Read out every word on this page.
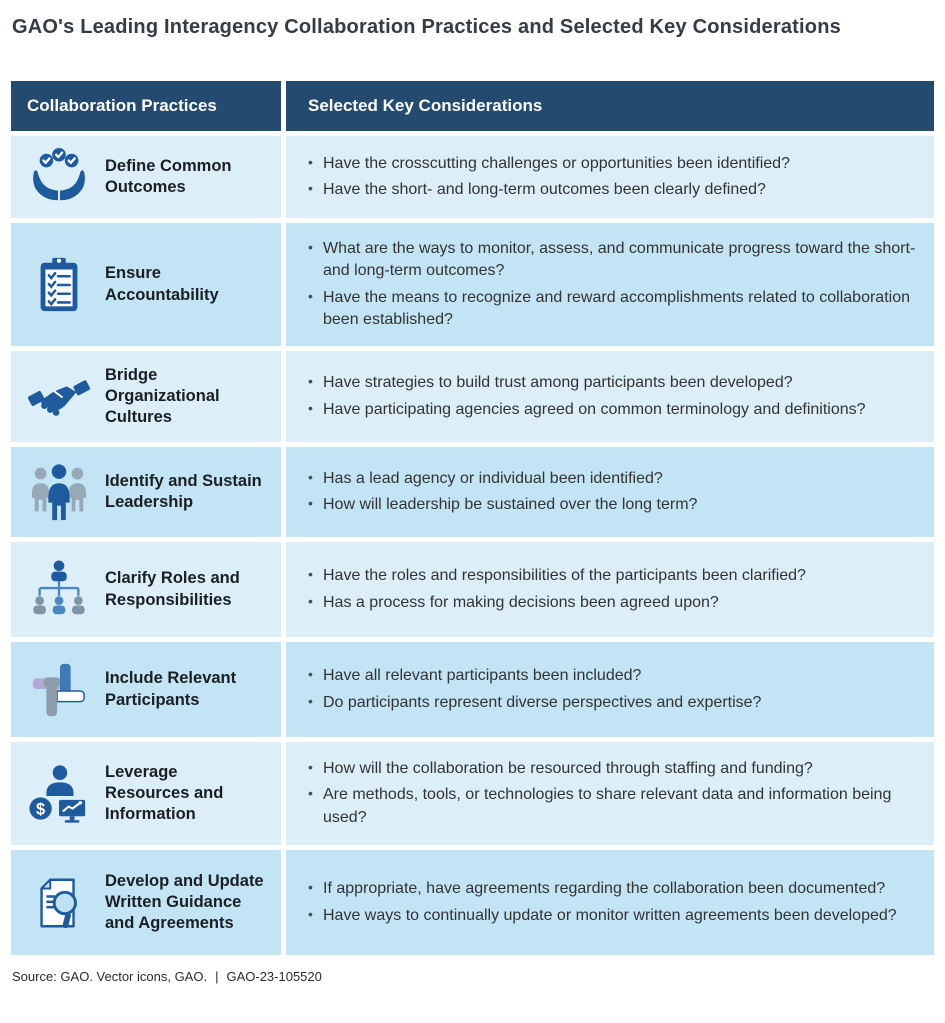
GAO's Leading Interagency Collaboration Practices and Selected Key Considerations
Collaboration Practices	Selected Key Considerations
Define Common Outcomes
• Have the crosscutting challenges or opportunities been identified?
• Have the short- and long-term outcomes been clearly defined?
Ensure Accountability
• What are the ways to monitor, assess, and communicate progress toward the short- and long-term outcomes?
• Have the means to recognize and reward accomplishments related to collaboration been established?
Bridge Organizational Cultures
• Have strategies to build trust among participants been developed?
• Have participating agencies agreed on common terminology and definitions?
Identify and Sustain Leadership
• Has a lead agency or individual been identified?
• How will leadership be sustained over the long term?
Clarify Roles and Responsibilities
• Have the roles and responsibilities of the participants been clarified?
• Has a process for making decisions been agreed upon?
Include Relevant Participants
• Have all relevant participants been included?
• Do participants represent diverse perspectives and expertise?
$
Leverage Resources and Information
• How will the collaboration be resourced through staffing and funding?
• Are methods, tools, or technologies to share relevant data and information being used?
Develop and Update Written Guidance and Agreements
• If appropriate, have agreements regarding the collaboration been documented?
• Have ways to continually update or monitor written agreements been developed?
Source: GAO. Vector icons, GAO. | GAO-23-105520
